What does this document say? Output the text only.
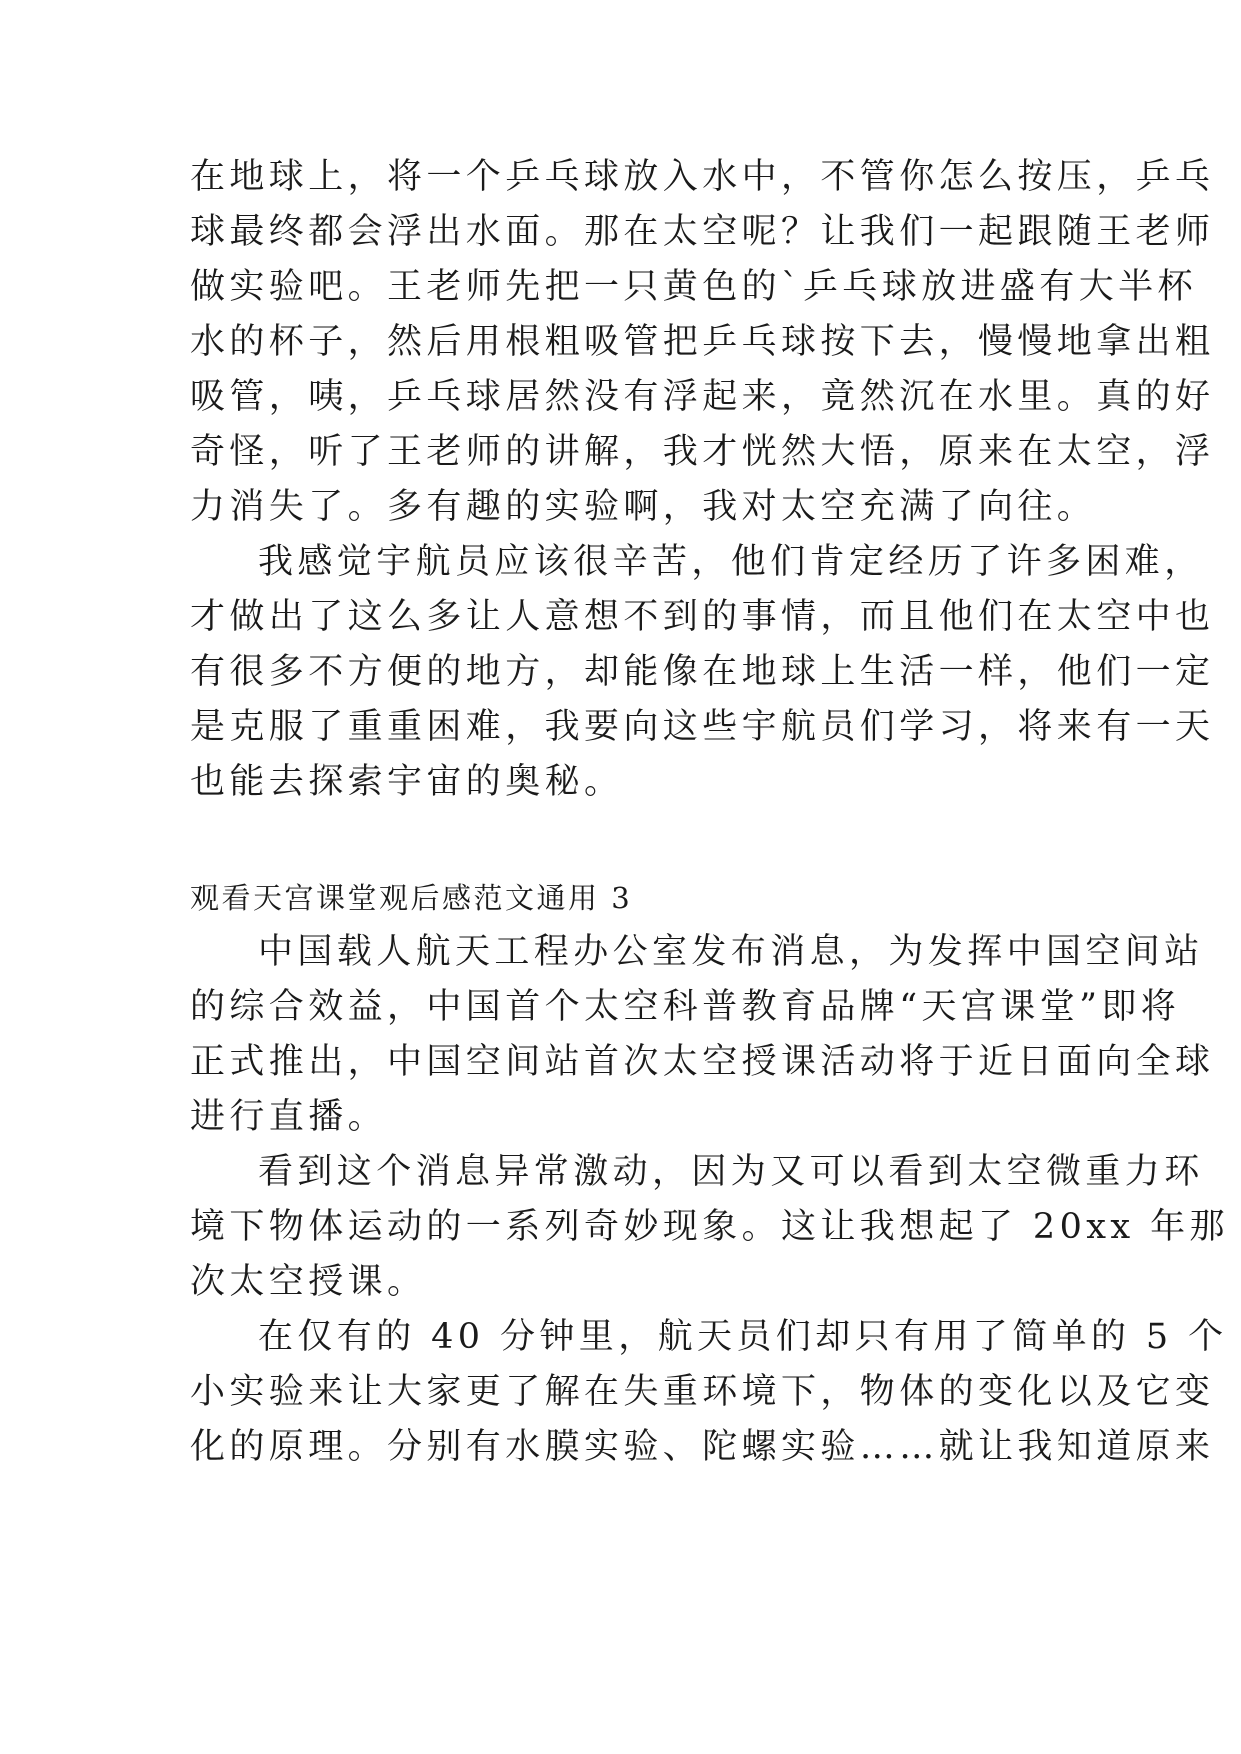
在地球上，将一个乒乓球放入水中，不管你怎么按压，乒乓
球最终都会浮出水面。那在太空呢？让我们一起跟随王老师
做实验吧。王老师先把一只黄色的`乒乓球放进盛有大半杯
水的杯子，然后用根粗吸管把乒乓球按下去，慢慢地拿出粗
吸管，咦，乒乓球居然没有浮起来，竟然沉在水里。真的好
奇怪，听了王老师的讲解，我才恍然大悟，原来在太空，浮
力消失了。多有趣的实验啊，我对太空充满了向往。
我感觉宇航员应该很辛苦，他们肯定经历了许多困难，
才做出了这么多让人意想不到的事情，而且他们在太空中也
有很多不方便的地方，却能像在地球上生活一样，他们一定
是克服了重重困难，我要向这些宇航员们学习，将来有一天
也能去探索宇宙的奥秘。
观看天宫课堂观后感范文通用 3
中国载人航天工程办公室发布消息，为发挥中国空间站
的综合效益，中国首个太空科普教育品牌“天宫课堂”即将
正式推出，中国空间站首次太空授课活动将于近日面向全球
进行直播。
看到这个消息异常激动，因为又可以看到太空微重力环
境下物体运动的一系列奇妙现象。这让我想起了 20xx 年那
次太空授课。
在仅有的 40 分钟里，航天员们却只有用了简单的 5 个
小实验来让大家更了解在失重环境下，物体的变化以及它变
化的原理。分别有水膜实验、陀螺实验……就让我知道原来
